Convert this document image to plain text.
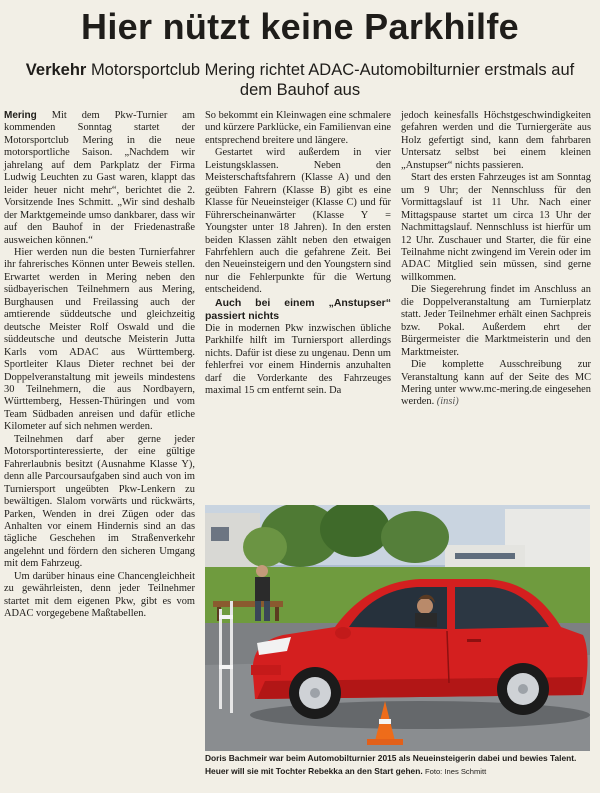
Hier nützt keine Parkhilfe
Verkehr Motorsportclub Mering richtet ADAC-Automobilturnier erstmals auf dem Bauhof aus

Mering Mit dem Pkw-Turnier am kommenden Sonntag startet der Motorsportclub Mering in die neue motorsportliche Saison. „Nachdem wir jahrelang auf dem Parkplatz der Firma Ludwig Leuchten zu Gast waren, klappt das leider heuer nicht mehr“, berichtet die 2. Vorsitzende Ines Schmitt. „Wir sind deshalb der Marktgemeinde umso dankbarer, dass wir auf den Bauhof in der Friedenastraße ausweichen können.“

Hier werden nun die besten Turnierfahrer ihr fahrerisches Können unter Beweis stellen. Erwartet werden in Mering neben den südbayerischen Teilnehmern aus Mering, Burghausen und Freilassing auch der amtierende süddeutsche und gleichzeitig deutsche Meister Rolf Oswald und die süddeutsche und deutsche Meisterin Jutta Karls vom ADAC aus Württemberg. Sportleiter Klaus Dieter rechnet bei der Doppelveranstaltung mit jeweils mindestens 30 Teilnehmern, die aus Nordbayern, Württemberg, Hessen-Thüringen und vom Team Südbaden anreisen und dafür etliche Kilometer auf sich nehmen werden.

Teilnehmen darf aber gerne jeder Motorsportinteressierte, der eine gültige Fahrerlaubnis besitzt (Ausnahme Klasse Y), denn alle Parcoursaufgaben sind auch von im Turniersport ungeübten Pkw-Lenkern zu bewältigen. Slalom vorwärts und rückwärts, Parken, Wenden in drei Zügen oder das Anhalten vor einem Hindernis sind an das tägliche Geschehen im Straßenverkehr angelehnt und fördern den sicheren Umgang mit dem Fahrzeug.

Um darüber hinaus eine Chancengleichheit zu gewährleisten, denn jeder Teilnehmer startet mit dem eigenen Pkw, gibt es vom ADAC vorgegebene Maßtabellen.

So bekommt ein Kleinwagen eine schmalere und kürzere Parklücke, ein Familienvan eine entsprechend breitere und längere.

Gestartet wird außerdem in vier Leistungsklassen. Neben den Meisterschaftsfahrern (Klasse A) und den geübten Fahrern (Klasse B) gibt es eine Klasse für Neueinsteiger (Klasse C) und für Führerscheinanwärter (Klasse Y = Youngster unter 18 Jahren). In den ersten beiden Klassen zählt neben den etwaigen Fahrfehlern auch die gefahrene Zeit. Bei den Neueinsteigern und den Youngstern sind nur die Fehlerpunkte für die Wertung entscheidend.

Auch bei einem „Anstupser“ passiert nichts

Die in modernen Pkw inzwischen übliche Parkhilfe hilft im Turniersport allerdings nichts. Dafür ist diese zu ungenau. Denn um fehlerfrei vor einem Hindernis anzuhalten darf die Vorderkante des Fahrzeuges maximal 15 cm entfernt sein. Da

jedoch keinesfalls Höchstgeschwindigkeiten gefahren werden und die Turniergeräte aus Holz gefertigt sind, kann dem fahrbaren Untersatz selbst bei einem kleinen „Anstupser“ nichts passieren.

Start des ersten Fahrzeuges ist am Sonntag um 9 Uhr; der Nennschluss für den Vormittagslauf ist 11 Uhr. Nach einer Mittagspause startet um circa 13 Uhr der Nachmittagslauf. Nennschluss ist hierfür um 12 Uhr. Zuschauer und Starter, die für eine Teilnahme nicht zwingend im Verein oder im ADAC Mitglied sein müssen, sind gerne willkommen.

Die Siegerehrung findet im Anschluss an die Doppelveranstaltung am Turnierplatz statt. Jeder Teilnehmer erhält einen Sachpreis bzw. Pokal. Außerdem ehrt der Bürgermeister die Marktmeisterin und den Marktmeister.

Die komplette Ausschreibung zur Veranstaltung kann auf der Seite des MC Mering unter www.mc-mering.de eingesehen werden. (insi)

Doris Bachmeir war beim Automobilturnier 2015 als Neueinsteigerin dabei und bewies Talent. Heuer will sie mit Tochter Rebekka an den Start gehen. Foto: Ines Schmitt
